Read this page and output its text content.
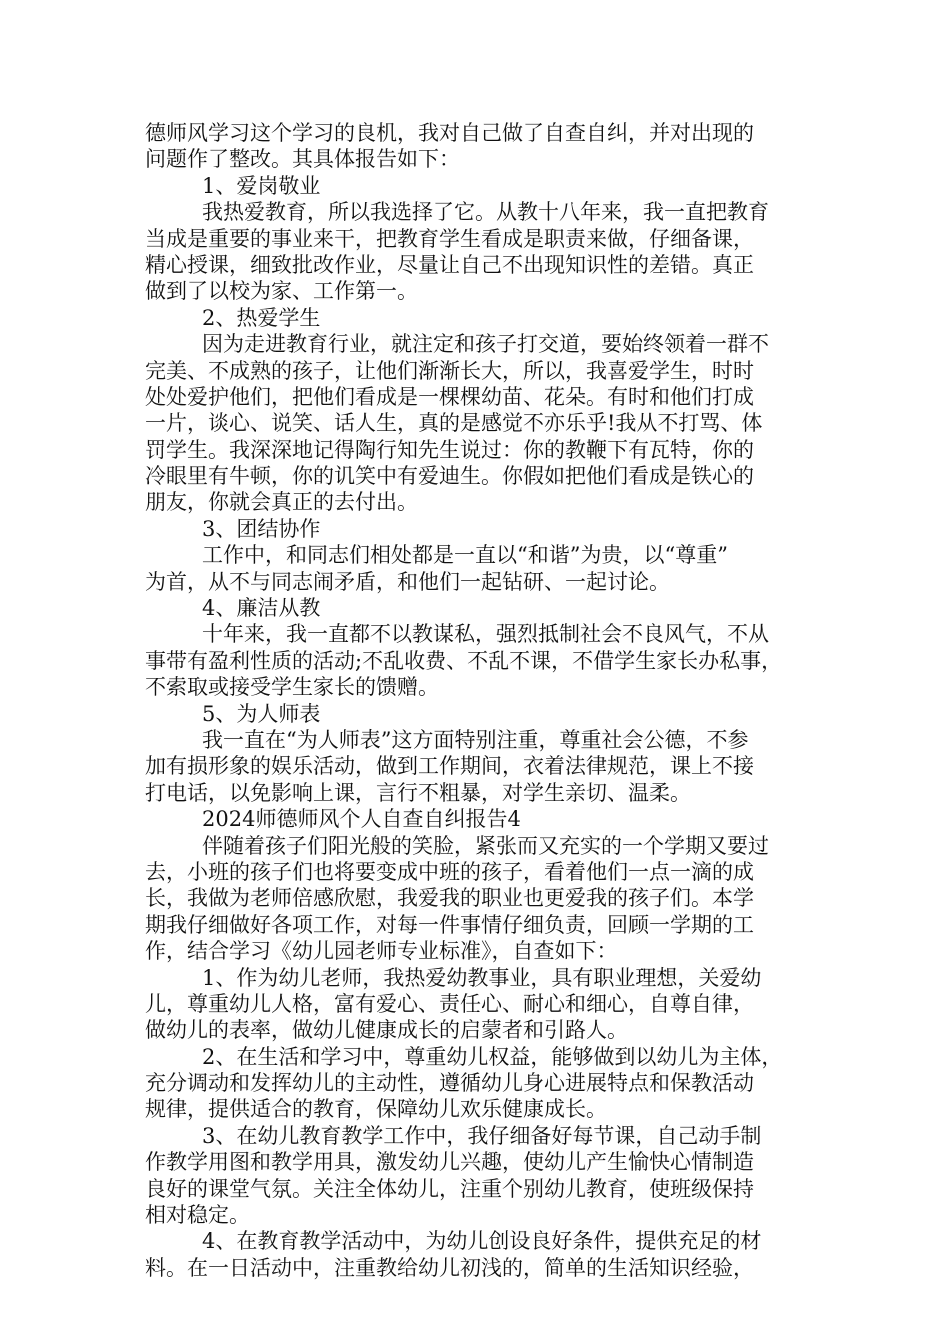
德师风学习这个学习的良机，我对自己做了自查自纠，并对出现的
问题作了整改。其具体报告如下：
1、爱岗敬业
我热爱教育，所以我选择了它。从教十八年来，我一直把教育
当成是重要的事业来干，把教育学生看成是职责来做，仔细备课，
精心授课，细致批改作业，尽量让自己不出现知识性的差错。真正
做到了以校为家、工作第一。
2、热爱学生
因为走进教育行业，就注定和孩子打交道，要始终领着一群不
完美、不成熟的孩子，让他们渐渐长大，所以，我喜爱学生，时时
处处爱护他们，把他们看成是一棵棵幼苗、花朵。有时和他们打成
一片，谈心、说笑、话人生，真的是感觉不亦乐乎!我从不打骂、体
罚学生。我深深地记得陶行知先生说过：你的教鞭下有瓦特，你的
冷眼里有牛顿，你的讥笑中有爱迪生。你假如把他们看成是铁心的
朋友，你就会真正的去付出。
3、团结协作
工作中，和同志们相处都是一直以“和谐”为贵，以“尊重”
为首，从不与同志闹矛盾，和他们一起钻研、一起讨论。
4、廉洁从教
十年来，我一直都不以教谋私，强烈抵制社会不良风气，不从
事带有盈利性质的活动;不乱收费、不乱不课，不借学生家长办私事，
不索取或接受学生家长的馈赠。
5、为人师表
我一直在“为人师表”这方面特别注重，尊重社会公德，不参
加有损形象的娱乐活动，做到工作期间，衣着法律规范，课上不接
打电话，以免影响上课，言行不粗暴，对学生亲切、温柔。
2024师德师风个人自查自纠报告4
伴随着孩子们阳光般的笑脸，紧张而又充实的一个学期又要过
去，小班的孩子们也将要变成中班的孩子，看着他们一点一滴的成
长，我做为老师倍感欣慰，我爱我的职业也更爱我的孩子们。本学
期我仔细做好各项工作，对每一件事情仔细负责，回顾一学期的工
作，结合学习《幼儿园老师专业标准》，自查如下：
1、作为幼儿老师，我热爱幼教事业，具有职业理想，关爱幼
儿，尊重幼儿人格，富有爱心、责任心、耐心和细心，自尊自律，
做幼儿的表率，做幼儿健康成长的启蒙者和引路人。
2、在生活和学习中，尊重幼儿权益，能够做到以幼儿为主体，
充分调动和发挥幼儿的主动性，遵循幼儿身心进展特点和保教活动
规律，提供适合的教育，保障幼儿欢乐健康成长。
3、在幼儿教育教学工作中，我仔细备好每节课，自己动手制
作教学用图和教学用具，激发幼儿兴趣，使幼儿产生愉快心情制造
良好的课堂气氛。关注全体幼儿，注重个别幼儿教育，使班级保持
相对稳定。
4、在教育教学活动中，为幼儿创设良好条件，提供充足的材
料。在一日活动中，注重教给幼儿初浅的，简单的生活知识经验，
